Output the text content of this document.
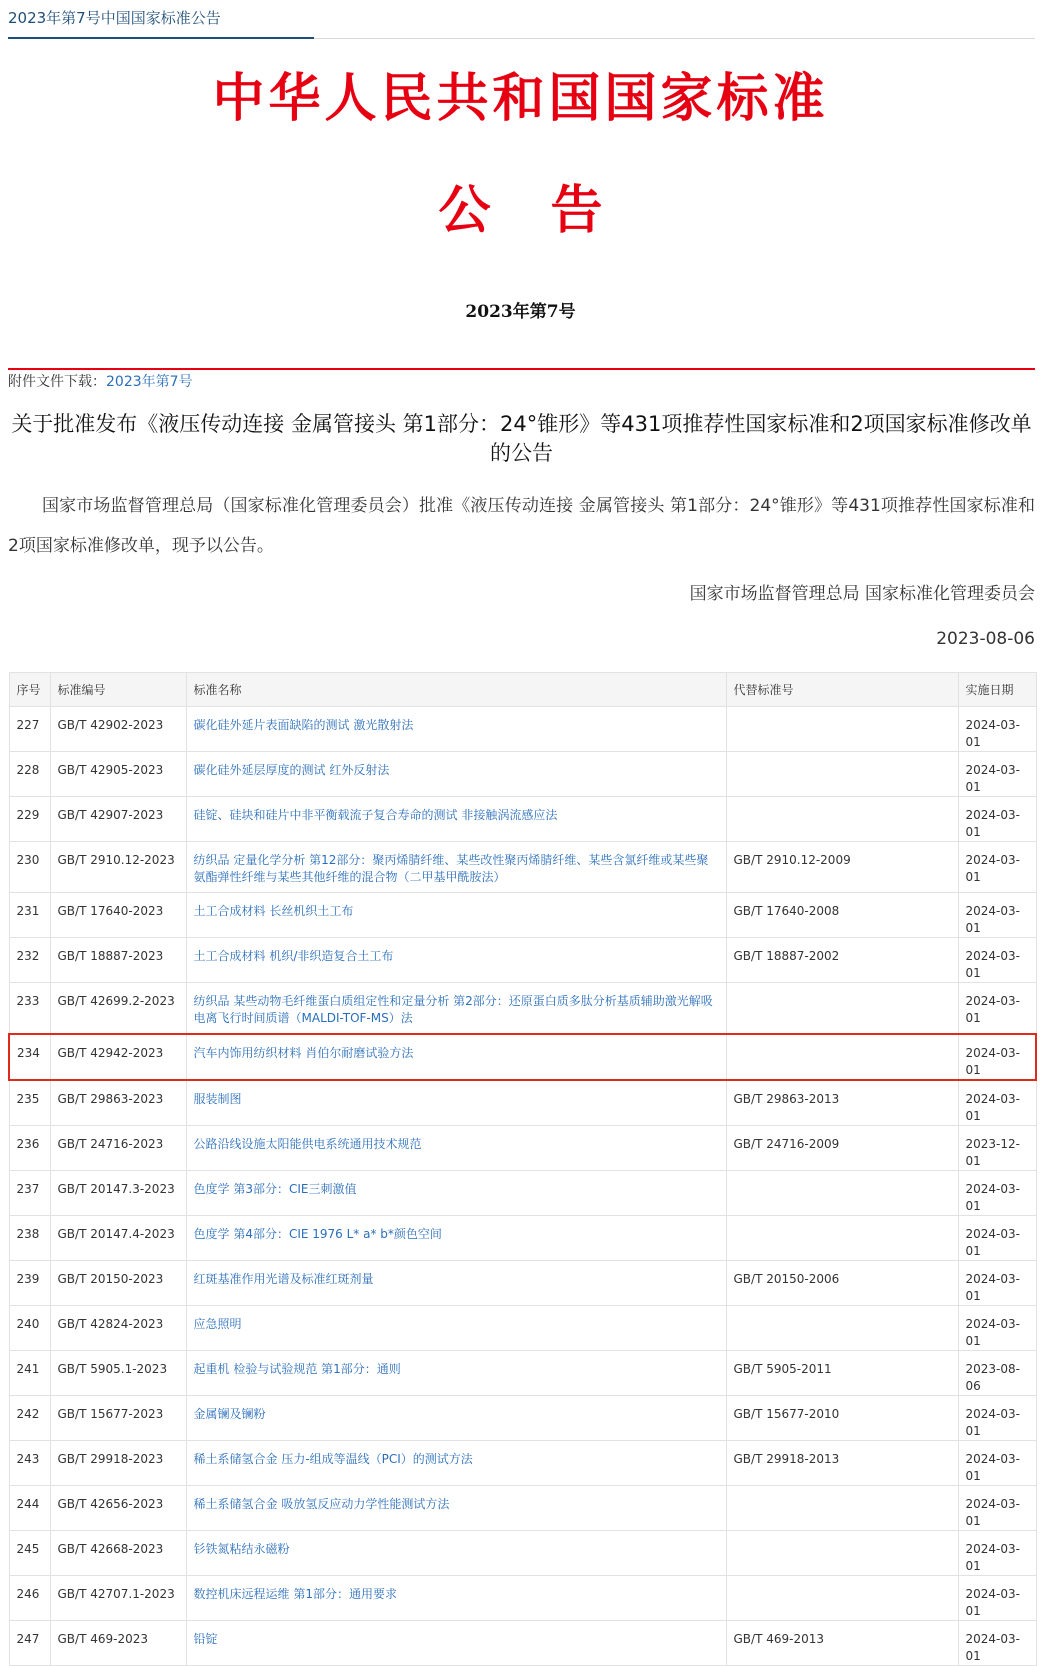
2023年第7号中国国家标准公告
中华人民共和国国家标准
公告
2023年第7号
附件文件下载：2023年第7号
关于批准发布《液压传动连接 金属管接头 第1部分：24°锥形》等431项推荐性国家标准和2项国家标准修改单的公告
国家市场监督管理总局（国家标准化管理委员会）批准《液压传动连接 金属管接头 第1部分：24°锥形》等431项推荐性国家标准和2项国家标准修改单，现予以公告。
国家市场监督管理总局 国家标准化管理委员会
2023-08-06
序号	标准编号	标准名称	代替标准号	实施日期
227	GB/T 42902-2023	碳化硅外延片表面缺陷的测试 激光散射法		2024-03-01
228	GB/T 42905-2023	碳化硅外延层厚度的测试 红外反射法		2024-03-01
229	GB/T 42907-2023	硅锭、硅块和硅片中非平衡载流子复合寿命的测试 非接触涡流感应法		2024-03-01
230	GB/T 2910.12-2023	纺织品 定量化学分析 第12部分：聚丙烯腈纤维、某些改性聚丙烯腈纤维、某些含氯纤维或某些聚氨酯弹性纤维与某些其他纤维的混合物（二甲基甲酰胺法）	GB/T 2910.12-2009	2024-03-01
231	GB/T 17640-2023	土工合成材料 长丝机织土工布	GB/T 17640-2008	2024-03-01
232	GB/T 18887-2023	土工合成材料 机织/非织造复合土工布	GB/T 18887-2002	2024-03-01
233	GB/T 42699.2-2023	纺织品 某些动物毛纤维蛋白质组定性和定量分析 第2部分：还原蛋白质多肽分析基质辅助激光解吸电离飞行时间质谱（MALDI-TOF-MS）法		2024-03-01
234	GB/T 42942-2023	汽车内饰用纺织材料 肖伯尔耐磨试验方法		2024-03-01
235	GB/T 29863-2023	服装制图	GB/T 29863-2013	2024-03-01
236	GB/T 24716-2023	公路沿线设施太阳能供电系统通用技术规范	GB/T 24716-2009	2023-12-01
237	GB/T 20147.3-2023	色度学 第3部分：CIE三刺激值		2024-03-01
238	GB/T 20147.4-2023	色度学 第4部分：CIE 1976 L* a* b*颜色空间		2024-03-01
239	GB/T 20150-2023	红斑基准作用光谱及标准红斑剂量	GB/T 20150-2006	2024-03-01
240	GB/T 42824-2023	应急照明		2024-03-01
241	GB/T 5905.1-2023	起重机 检验与试验规范 第1部分：通则	GB/T 5905-2011	2023-08-06
242	GB/T 15677-2023	金属镧及镧粉	GB/T 15677-2010	2024-03-01
243	GB/T 29918-2023	稀土系储氢合金 压力-组成等温线（PCI）的测试方法	GB/T 29918-2013	2024-03-01
244	GB/T 42656-2023	稀土系储氢合金 吸放氢反应动力学性能测试方法		2024-03-01
245	GB/T 42668-2023	钐铁氮粘结永磁粉		2024-03-01
246	GB/T 42707.1-2023	数控机床远程运维 第1部分：通用要求		2024-03-01
247	GB/T 469-2023	铅锭	GB/T 469-2013	2024-03-01
